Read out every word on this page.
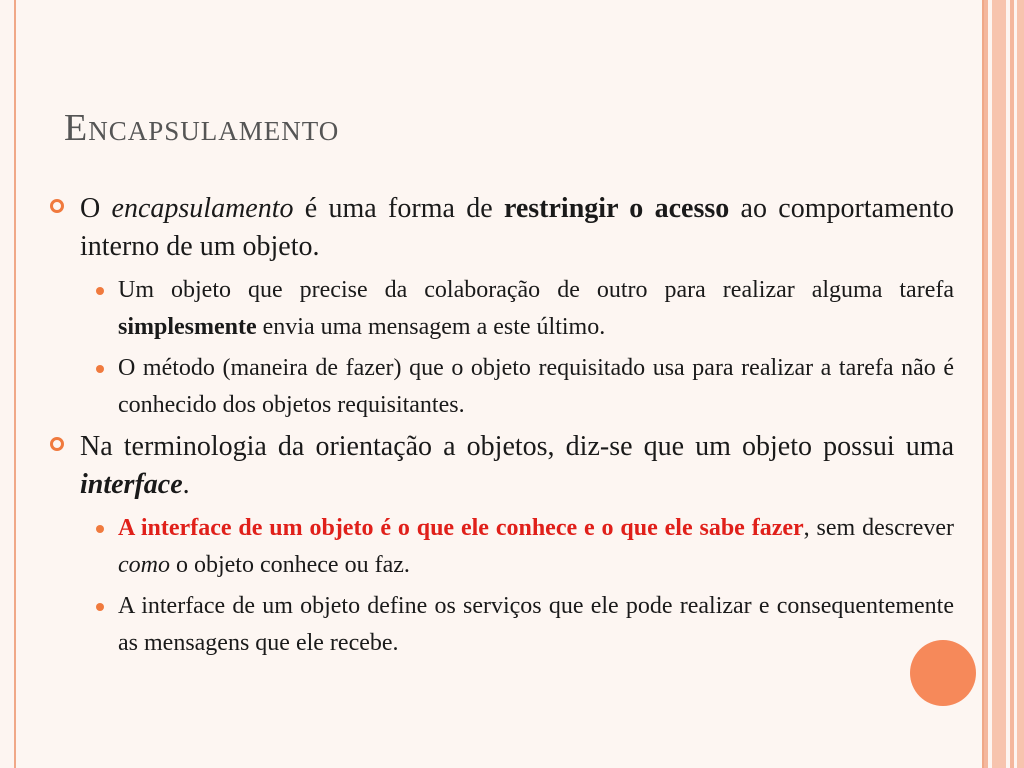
Encapsulamento
O encapsulamento é uma forma de restringir o acesso ao comportamento interno de um objeto.
Um objeto que precise da colaboração de outro para realizar alguma tarefa simplesmente envia uma mensagem a este último.
O método (maneira de fazer) que o objeto requisitado usa para realizar a tarefa não é conhecido dos objetos requisitantes.
Na terminologia da orientação a objetos, diz-se que um objeto possui uma interface.
A interface de um objeto é o que ele conhece e o que ele sabe fazer, sem descrever como o objeto conhece ou faz.
A interface de um objeto define os serviços que ele pode realizar e consequentemente as mensagens que ele recebe.
